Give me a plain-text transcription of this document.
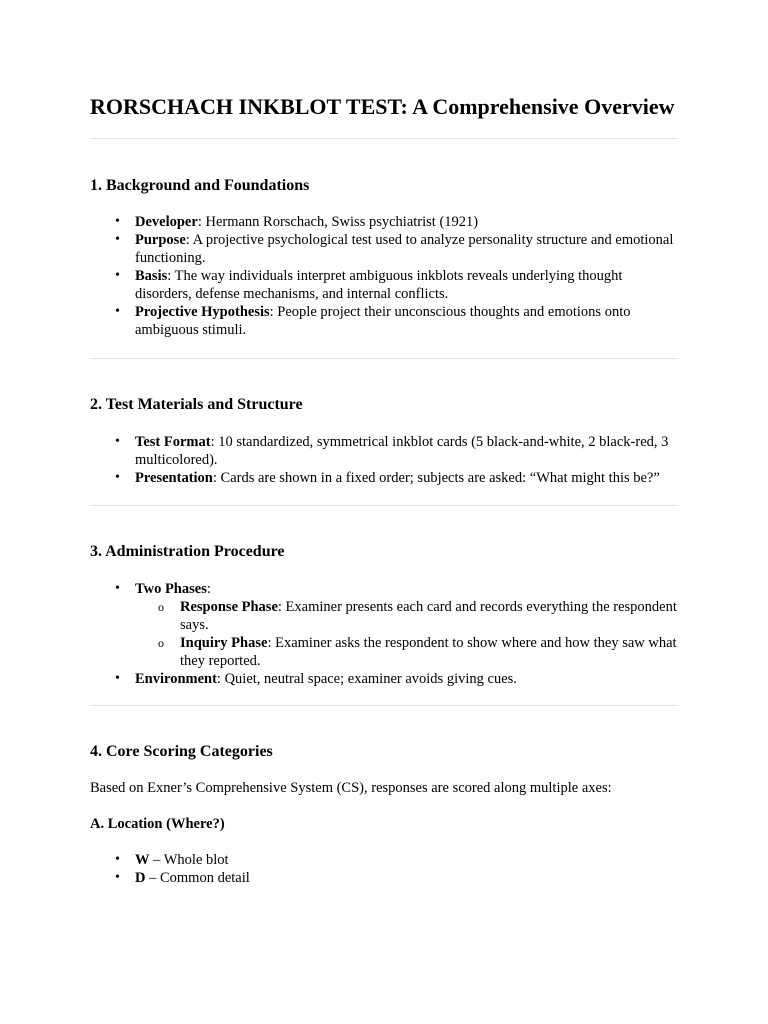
RORSCHACH INKBLOT TEST: A Comprehensive Overview
1. Background and Foundations
• Developer: Hermann Rorschach, Swiss psychiatrist (1921)
• Purpose: A projective psychological test used to analyze personality structure and emotional functioning.
• Basis: The way individuals interpret ambiguous inkblots reveals underlying thought disorders, defense mechanisms, and internal conflicts.
• Projective Hypothesis: People project their unconscious thoughts and emotions onto ambiguous stimuli.
2. Test Materials and Structure
• Test Format: 10 standardized, symmetrical inkblot cards (5 black-and-white, 2 black-red, 3 multicolored).
• Presentation: Cards are shown in a fixed order; subjects are asked: “What might this be?”
3. Administration Procedure
• Two Phases:
o Response Phase: Examiner presents each card and records everything the respondent says.
o Inquiry Phase: Examiner asks the respondent to show where and how they saw what they reported.
• Environment: Quiet, neutral space; examiner avoids giving cues.
4. Core Scoring Categories

Based on Exner’s Comprehensive System (CS), responses are scored along multiple axes:

A. Location (Where?)

• W – Whole blot
• D – Common detail
